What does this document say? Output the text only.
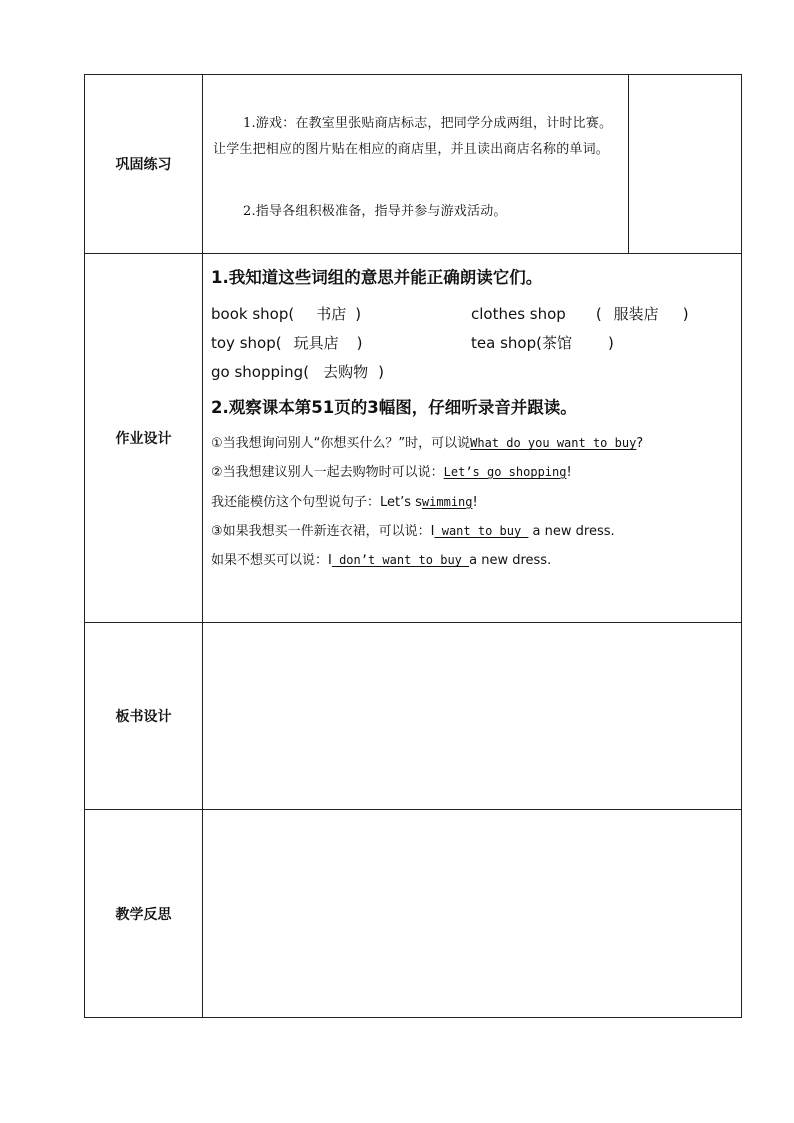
巩固练习
1.游戏：在教室里张贴商店标志，把同学分成两组，计时比赛。让学生把相应的图片贴在相应的商店里，并且读出商店名称的单词。
2.指导各组积极准备，指导并参与游戏活动。
作业设计
1.我知道这些词组的意思并能正确朗读它们。
book shop( 书店 )	clothes shop ( 服装店 )
toy shop( 玩具店 )	tea shop(茶馆 )
go shopping( 去购物 )
2.观察课本第51页的3幅图，仔细听录音并跟读。
①当我想询问别人“你想买什么？”时，可以说What do you want to buy?
②当我想建议别人一起去购物时可以说：Let’s go shopping!
我还能模仿这个句型说句子：Let’s swimming!
③如果我想买一件新连衣裙，可以说：I want to buy  a new dress.
如果不想买可以说：I don’t want to buy a new dress.
板书设计
教学反思
